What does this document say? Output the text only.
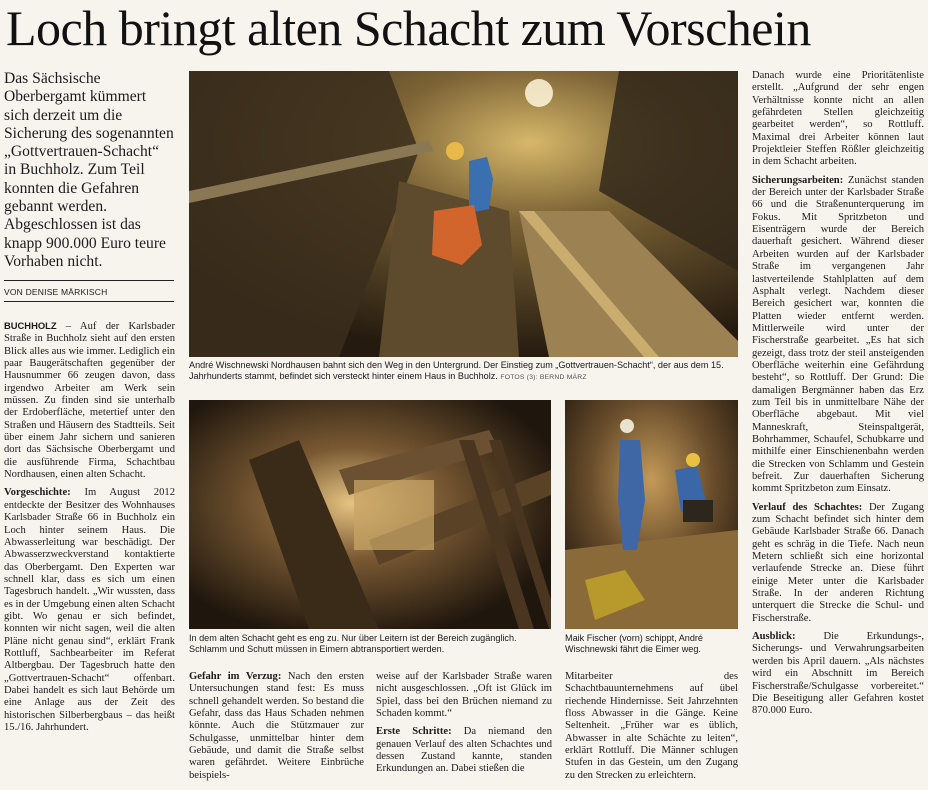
Loch bringt alten Schacht zum Vorschein
Das Sächsische Oberbergamt kümmert sich derzeit um die Sicherung des sogenannten „Gottvertrauen-Schacht“ in Buchholz. Zum Teil konnten die Gefahren gebannt werden. Abgeschlossen ist das knapp 900.000 Euro teure Vorhaben nicht.
VON DENISE MÄRKISCH

BUCHHOLZ – Auf der Karlsbader Straße in Buchholz sieht auf den ersten Blick alles aus wie immer. Lediglich ein paar Baugerätschaften gegenüber der Hausnummer 66 zeugen davon, dass irgendwo Arbeiter am Werk sein müssen. Zu finden sind sie unterhalb der Erdoberfläche, metertief unter den Straßen und Häusern des Stadtteils. Seit über einem Jahr sichern und sanieren dort das Sächsische Oberbergamt und die ausführende Firma, Schachtbau Nordhausen, einen alten Schacht.

Vorgeschichte: Im August 2012 entdeckte der Besitzer des Wohnhauses Karlsbader Straße 66 in Buchholz ein Loch hinter seinem Haus. Die Abwasserleitung war beschädigt. Der Abwasserzweckverstand kontaktierte das Oberbergamt. Den Experten war schnell klar, dass es sich um einen Tagesbruch handelt. „Wir wussten, dass es in der Umgebung einen alten Schacht gibt. Wo genau er sich befindet, konnten wir nicht sagen, weil die alten Pläne nicht genau sind“, erklärt Frank Rottluff, Sachbearbeiter im Referat Altbergbau. Der Tagesbruch hatte den „Gottvertrauen-Schacht“ offenbart. Dabei handelt es sich laut Behörde um eine Anlage aus der Zeit des historischen Silberbergbaus – das heißt 15./16. Jahrhundert.

André Wischnewski Nordhausen bahnt sich den Weg in den Untergrund. Der Einstieg zum „Gottvertrauen-Schacht“, der aus dem 15. Jahrhunderts stammt, befindet sich versteckt hinter einem Haus in Buchholz. FOTOS (3): BERND MÄRZ
In dem alten Schacht geht es eng zu. Nur über Leitern ist der Bereich zugänglich. Schlamm und Schutt müssen in Eimern abtransportiert werden.
Maik Fischer (vorn) schippt, André Wischnewski fährt die Eimer weg.

Gefahr im Verzug: Nach den ersten Untersuchungen stand fest: Es muss schnell gehandelt werden. So bestand die Gefahr, dass das Haus Schaden nehmen könnte. Auch die Stützmauer zur Schulgasse, unmittelbar hinter dem Gebäude, und damit die Straße selbst waren gefährdet. Weitere Einbrüche beispiels-

weise auf der Karlsbader Straße waren nicht ausgeschlossen. „Oft ist Glück im Spiel, dass bei den Brüchen niemand zu Schaden kommt.“

Erste Schritte: Da niemand den genauen Verlauf des alten Schachtes und dessen Zustand kannte, standen Erkundungen an. Dabei stießen die

Mitarbeiter des Schachtbauunternehmens auf übel riechende Hindernisse. Seit Jahrzehnten floss Abwasser in die Gänge. Keine Seltenheit. „Früher war es üblich, Abwasser in alte Schächte zu leiten“, erklärt Rottluff. Die Männer schlugen Stufen in das Gestein, um den Zugang zu den Strecken zu erleichtern.

Danach wurde eine Prioritätenliste erstellt. „Aufgrund der sehr engen Verhältnisse konnte nicht an allen gefährdeten Stellen gleichzeitig gearbeitet werden“, so Rottluff. Maximal drei Arbeiter können laut Projektleier Steffen Rößler gleichzeitig in dem Schacht arbeiten.

Sicherungsarbeiten: Zunächst standen der Bereich unter der Karlsbader Straße 66 und die Straßenunterquerung im Fokus. Mit Spritzbeton und Eisenträgern wurde der Bereich dauerhaft gesichert. Während dieser Arbeiten wurden auf der Karlsbader Straße im vergangenen Jahr lastverteilende Stahlplatten auf dem Asphalt verlegt. Nachdem dieser Bereich gesichert war, konnten die Platten wieder entfernt werden. Mittlerweile wird unter der Fischerstraße gearbeitet. „Es hat sich gezeigt, dass trotz der steil ansteigenden Oberfläche weiterhin eine Gefährdung besteht“, so Rottluff. Der Grund: Die damaligen Bergmänner haben das Erz zum Teil bis in unmittelbare Nähe der Oberfläche abgebaut. Mit viel Manneskraft, Steinspaltgerät, Bohrhammer, Schaufel, Schubkarre und mithilfe einer Einschienenbahn werden die Strecken von Schlamm und Gestein befreit. Zur dauerhaften Sicherung kommt Spritzbeton zum Einsatz.

Verlauf des Schachtes: Der Zugang zum Schacht befindet sich hinter dem Gebäude Karlsbader Straße 66. Danach geht es schräg in die Tiefe. Nach neun Metern schließt sich eine horizontal verlaufende Strecke an. Diese führt einige Meter unter die Karlsbader Straße. In der anderen Richtung unterquert die Strecke die Schul- und Fischerstraße.

Ausblick: Die Erkundungs-, Sicherungs- und Verwahrungsarbeiten werden bis April dauern. „Als nächstes wird ein Abschnitt im Bereich Fischerstraße/Schulgasse vorbereitet.“ Die Beseitigung aller Gefahren kostet 870.000 Euro.
